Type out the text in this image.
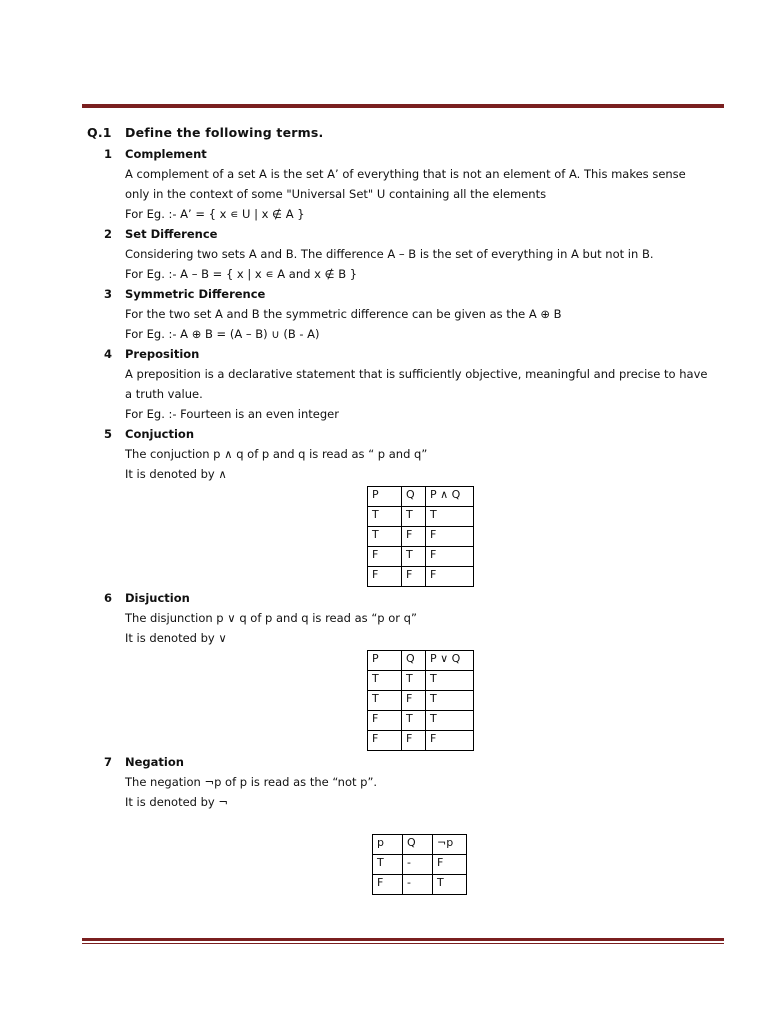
Q.1 Define the following terms.
1 Complement
A complement of a set A is the set A’ of everything that is not an element of A. This makes sense
only in the context of some "Universal Set" U containing all the elements
For Eg. :- A’ = { x ∊ U | x ∉ A }
2 Set Difference
Considering two sets A and B. The difference A – B is the set of everything in A but not in B.
For Eg. :- A – B = { x | x ∊ A and x ∉ B }
3 Symmetric Difference
For the two set A and B the symmetric difference can be given as the A ⊕ B
For Eg. :- A ⊕ B = (A – B) ∪ (B - A)
4 Preposition
A preposition is a declarative statement that is sufficiently objective, meaningful and precise to have
a truth value.
For Eg. :- Fourteen is an even integer
5 Conjuction
The conjuction p ∧ q of p and q is read as “ p and q”
It is denoted by ∧
P	Q	P ∧ Q
T	T	T
T	F	F
F	T	F
F	F	F
6 Disjuction
The disjunction p ∨ q of p and q is read as “p or q”
It is denoted by ∨
P	Q	P ∨ Q
T	T	T
T	F	T
F	T	T
F	F	F
7 Negation
The negation ¬p of p is read as the “not p”.
It is denoted by ¬
p	Q	¬p
T	-	F
F	-	T
